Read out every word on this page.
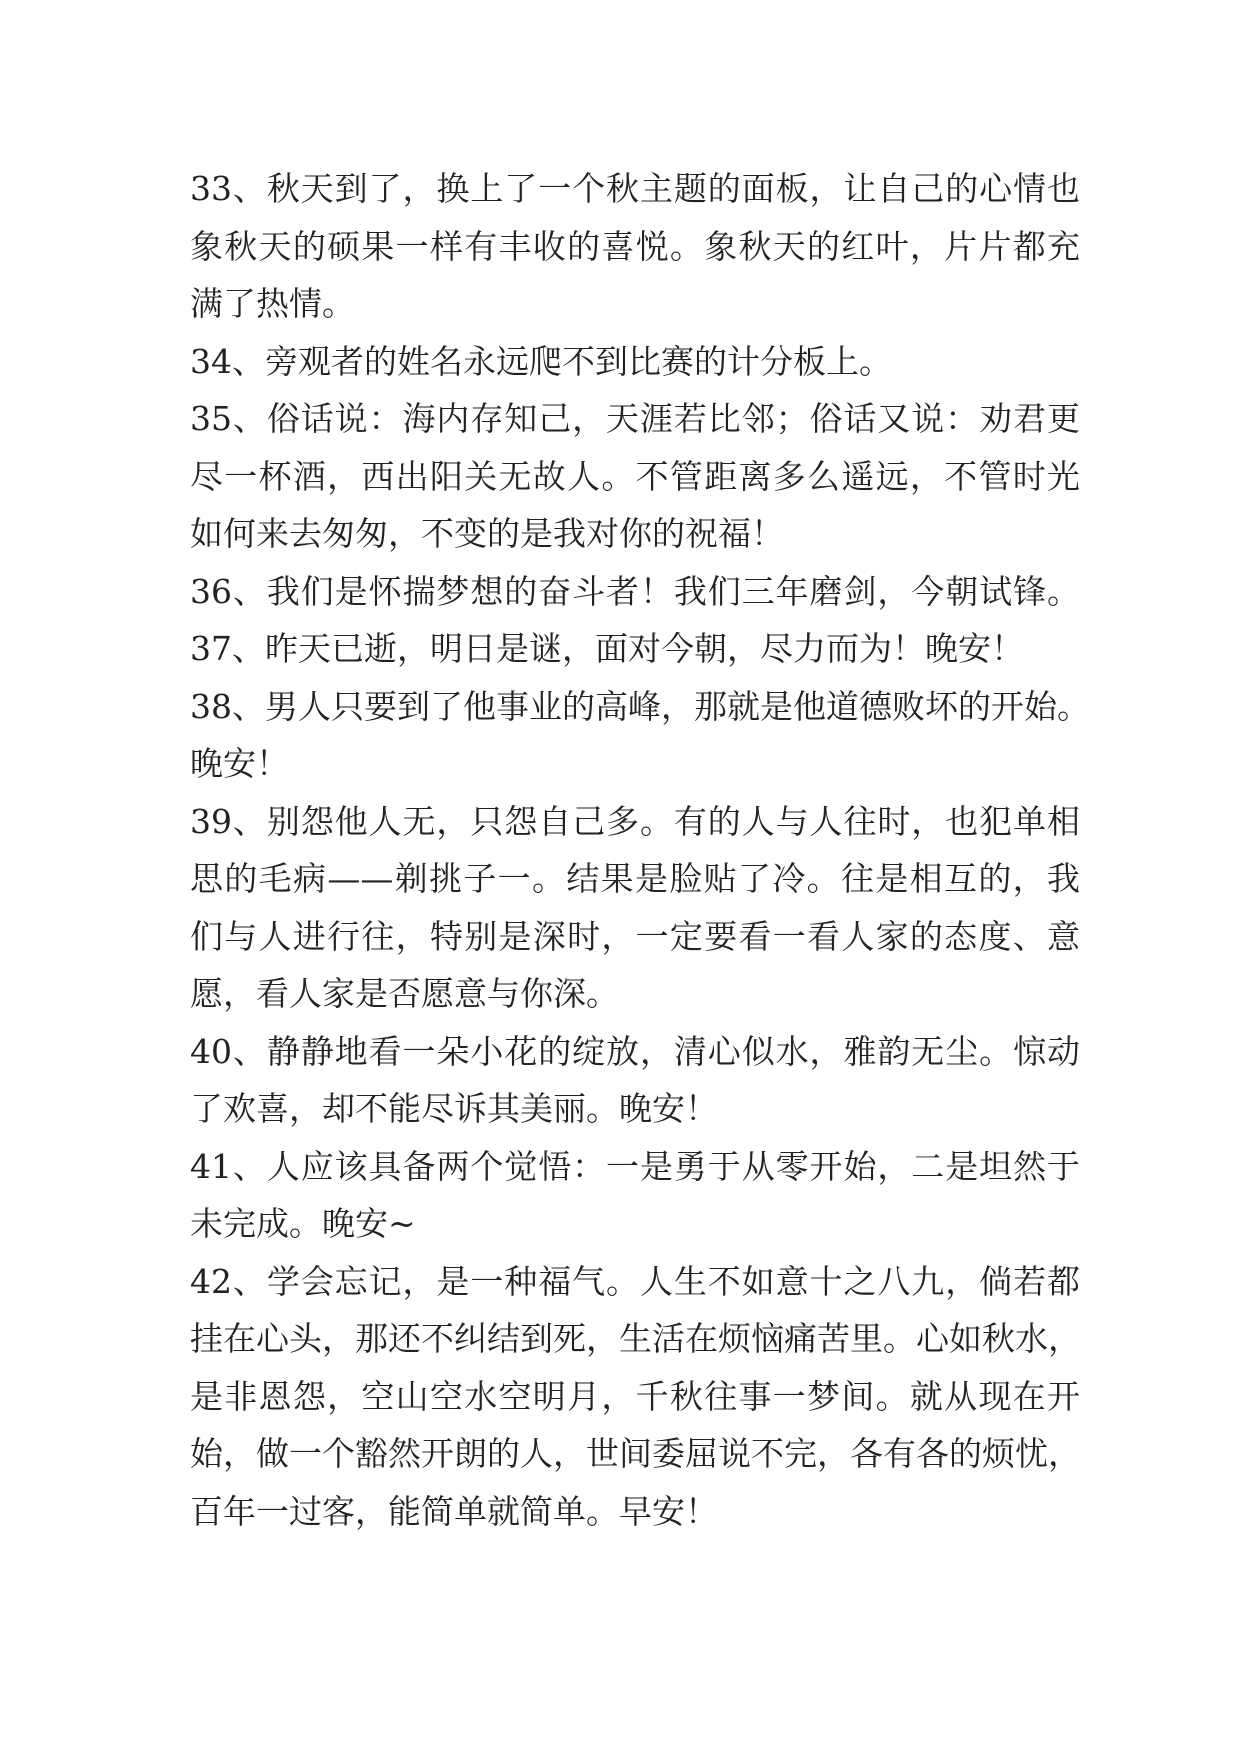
33、秋天到了，换上了一个秋主题的面板，让自己的心情也
象秋天的硕果一样有丰收的喜悦。象秋天的红叶，片片都充
满了热情。
34、旁观者的姓名永远爬不到比赛的计分板上。
35、俗话说：海内存知己，天涯若比邻；俗话又说：劝君更
尽一杯酒，西出阳关无故人。不管距离多么遥远，不管时光
如何来去匆匆，不变的是我对你的祝福！
36、我们是怀揣梦想的奋斗者！我们三年磨剑，今朝试锋。
37、昨天已逝，明日是谜，面对今朝，尽力而为！晚安！
38、男人只要到了他事业的高峰，那就是他道德败坏的开始。
晚安！
39、别怨他人无，只怨自己多。有的人与人往时，也犯单相
思的毛病——剃挑子一。结果是脸贴了冷。往是相互的，我
们与人进行往，特别是深时，一定要看一看人家的态度、意
愿，看人家是否愿意与你深。
40、静静地看一朵小花的绽放，清心似水，雅韵无尘。惊动
了欢喜，却不能尽诉其美丽。晚安！
41、人应该具备两个觉悟：一是勇于从零开始，二是坦然于
未完成。晚安~
42、学会忘记，是一种福气。人生不如意十之八九，倘若都
挂在心头，那还不纠结到死，生活在烦恼痛苦里。心如秋水，
是非恩怨，空山空水空明月，千秋往事一梦间。就从现在开
始，做一个豁然开朗的人，世间委屈说不完，各有各的烦忧，
百年一过客，能简单就简单。早安！
